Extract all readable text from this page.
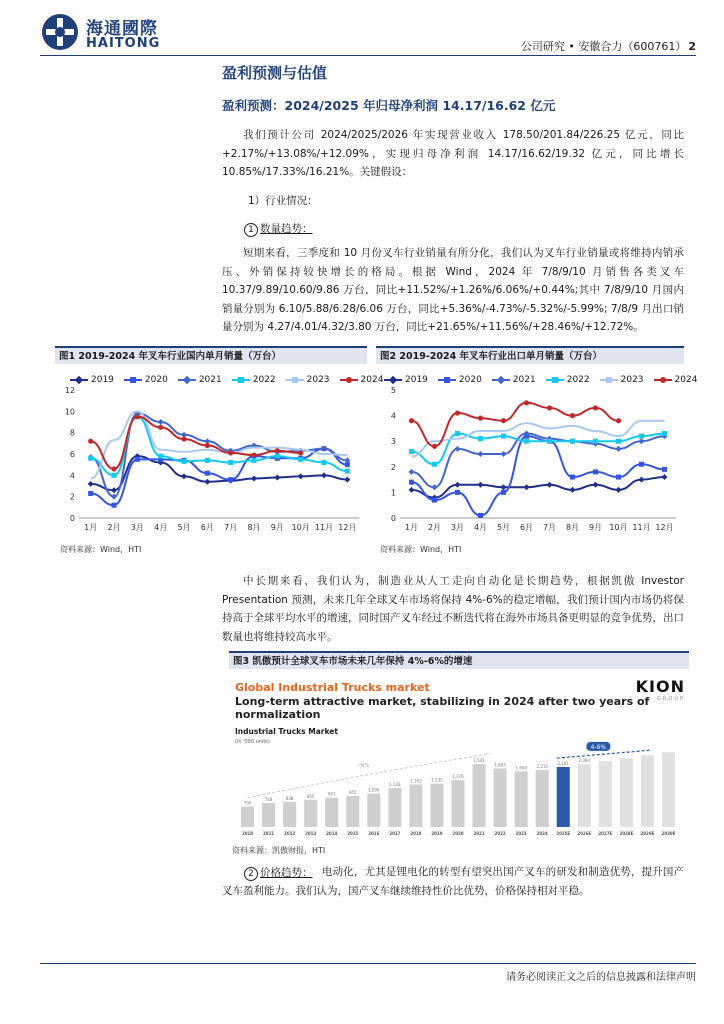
海通國際
HAITONG	公司研究 • 安徽合力（600761） 2
盈利预测与估值
盈利预测：2024/2025 年归母净利润 14.17/16.62 亿元

我们预计公司 2024/2025/2026 年实现营业收入 178.50/201.84/226.25 亿元，同比+2.17%/+13.08%/+12.09%，实现归母净利润 14.17/16.62/19.32 亿元，同比增长 10.85%/17.33%/16.21%。关键假设：

1）行业情况：
1 数量趋势：

短期来看，三季度和 10 月份叉车行业销量有所分化，我们认为叉车行业销量或将维持内销承压、外销保持较快增长的格局。根据 Wind，2024 年 7/8/9/10 月销售各类叉车 10.37/9.89/10.60/9.86 万台，同比+11.52%/+1.26%/6.06%/+0.44%;其中 7/8/9/10 月国内销量分别为 6.10/5.88/6.28/6.06 万台，同比+5.36%/-4.73%/-5.32%/-5.99%; 7/8/9 月出口销量分别为 4.27/4.01/4.32/3.80 万台，同比+21.65%/+11.56%/+28.46%/+12.72%。

图1 2019-2024 年叉车行业国内单月销量（万台）	图2 2019-2024 年叉车行业出口单月销量（万台）
2019	2020	2021	2022	2023	2024
0
2
4
6
8
10
12
1月 2月 3月 4月 5月 6月 7月 8月 9月 10月 11月 12月
资料来源：Wind，HTI
2019	2020	2021	2022	2023	2024
0
1
2
3
4
5
1月 2月 3月 4月 5月 6月 7月 8月 9月 10月 11月 12月
资料来源：Wind，HTI

中长期来看，我们认为，制造业从人工走向自动化是长期趋势，根据凯傲 Investor Presentation 预测，未来几年全球叉车市场将保持 4%-6%的稳定增幅，我们预计国内市场仍将保持高于全球平均水平的增速，同时国产叉车经过不断迭代将在海外市场具备更明显的竞争优势，出口数量也将维持较高水平。

图3 凯傲预计全球叉车市场未来几年保持 4%-6%的增速
Global Industrial Trucks market
Long-term attractive market, stabilizing in 2024 after two years of normalization
KION
GROUP
Industrial Trucks Market
(in '000 units)
~6%
4-6%
700
2010
748
2011
838
2012
855
2013
941
2014
955
2015
1,009
2016
1,133
2017
1,165
2018
1,335
2019
1,376
2020
1,541
2021
1,603
2022
1,608
2023
2,210
2024
2,181
2025E
2,084
2026E 2027E 2028E 2029E 2030E
资料来源：凯傲财报，HTI
2 价格趋势： 电动化，尤其是锂电化的转型有望突出国产叉车的研发和制造优势，提升国产叉车盈利能力。我们认为，国产叉车继续维持性价比优势，价格保持相对平稳。

请务必阅读正文之后的信息披露和法律声明
